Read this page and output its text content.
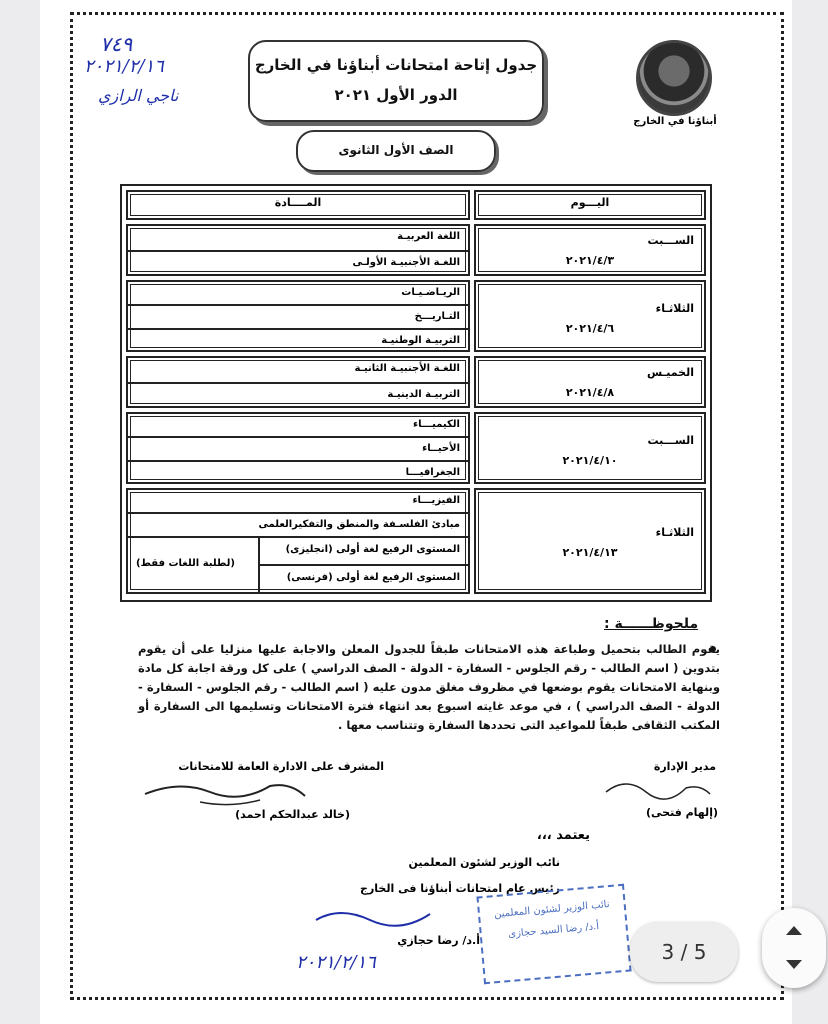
٧٤٩
٢٠٢١/٢/١٦
ناجي الرازي
جدول إتاحة امتحانات أبناؤنا في الخارج
الدور الأول ٢٠٢١
أبناؤنا في الخارج
الصف الأول الثانوى
المــــادة	اليـــوم
اللغة العربيـة
اللغـة الأجنبيـة الأولـى
الســـبت
٢٠٢١/٤/٣
الريـاضـيـات
التـاريـــخ
التربيـة الوطنيـة
الثلاثـاء
٢٠٢١/٤/٦
اللغـة الأجنبيـة الثانيـة
التربيـة الدينيـة
الخميـس
٢٠٢١/٤/٨
الكيميـــاء
الأحيــاء
الجغرافيـــا
الســـبت
٢٠٢١/٤/١٠
الفيزيـــاء
مبادئ الفلسـفة والمنطق والتفكيرالعلمى
المستوى الرفيع لغة أولى (انجليزى)
المستوى الرفيع لغة أولى (فرنسى)
(لطلبة اللغات فقط)
الثلاثـاء
٢٠٢١/٤/١٣
ملحوظــــــة :
يقوم الطالب بتحميل وطباعة هذه الامتحانات طبقاً للجدول المعلن والاجابة عليها منزليا على أن يقوم بتدوين ( اسم الطالب - رقم الجلوس - السفارة - الدولة - الصف الدراسي ) على كل ورقة اجابة كل مادة وبنهاية الامتحانات يقوم بوضعها في مظروف مغلق مدون عليه ( اسم الطالب - رقم الجلوس - السفارة - الدولة - الصف الدراسي ) ، في موعد غايته اسبوع بعد انتهاء فترة الامتحانات وتسليمها الى السفارة أو المكتب الثقافى طبقاً للمواعيد التى تحددها السفارة وتتناسب معها .
المشرف على الادارة العامة للامتحانات
(خالد عبدالحكم احمد)
مدير الإدارة
(إلهام فتحى)
يعتمد ،،،
نائب الوزير لشئون المعلمين
رئيس عام امتحانات أبناؤنا فى الخارج
أ.د/ رضا حجازي
٢٠٢١/٢/١٦
نائب الوزير لشئون المعلمين
أ.د/ رضا السيد حجازى
3 / 5
